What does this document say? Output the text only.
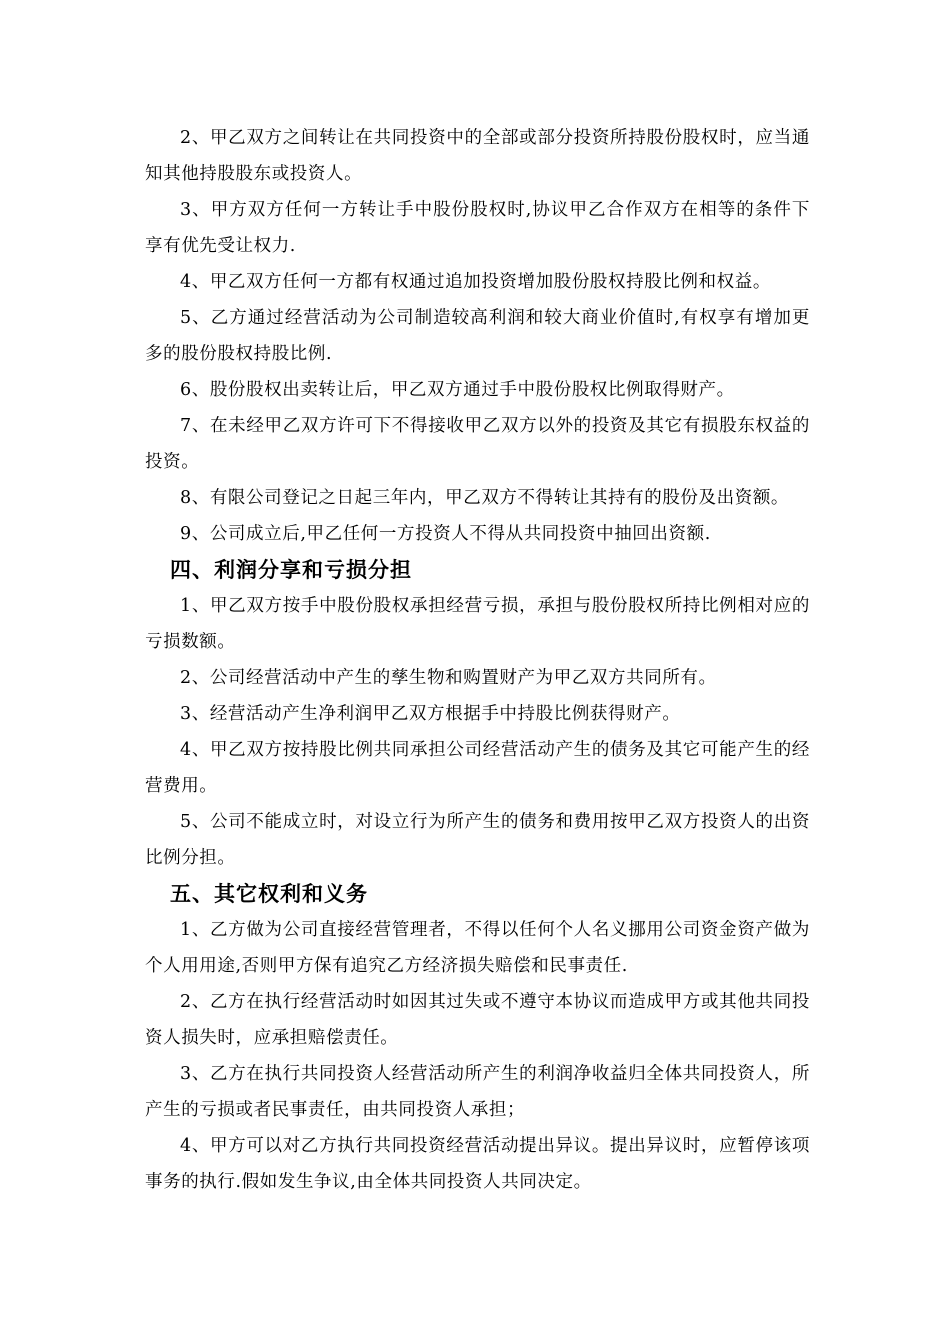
2、甲乙双方之间转让在共同投资中的全部或部分投资所持股份股权时，应当通知其他持股股东或投资人。

3、甲方双方任何一方转让手中股份股权时,协议甲乙合作双方在相等的条件下享有优先受让权力.

4、甲乙双方任何一方都有权通过追加投资增加股份股权持股比例和权益。

5、乙方通过经营活动为公司制造较高利润和较大商业价值时,有权享有增加更多的股份股权持股比例.

6、股份股权出卖转让后，甲乙双方通过手中股份股权比例取得财产。

7、在未经甲乙双方许可下不得接收甲乙双方以外的投资及其它有损股东权益的投资。

8、有限公司登记之日起三年内，甲乙双方不得转让其持有的股份及出资额。

9、公司成立后,甲乙任何一方投资人不得从共同投资中抽回出资额.

四、利润分享和亏损分担

1、甲乙双方按手中股份股权承担经营亏损，承担与股份股权所持比例相对应的亏损数额。

2、公司经营活动中产生的孳生物和购置财产为甲乙双方共同所有。

3、经营活动产生净利润甲乙双方根据手中持股比例获得财产。

4、甲乙双方按持股比例共同承担公司经营活动产生的债务及其它可能产生的经营费用。

5、公司不能成立时，对设立行为所产生的债务和费用按甲乙双方投资人的出资比例分担。

五、其它权利和义务

1、乙方做为公司直接经营管理者，不得以任何个人名义挪用公司资金资产做为个人用用途,否则甲方保有追究乙方经济损失赔偿和民事责任.

2、乙方在执行经营活动时如因其过失或不遵守本协议而造成甲方或其他共同投资人损失时，应承担赔偿责任。

3、乙方在执行共同投资人经营活动所产生的利润净收益归全体共同投资人，所产生的亏损或者民事责任，由共同投资人承担；

4、甲方可以对乙方执行共同投资经营活动提出异议。提出异议时，应暂停该项事务的执行.假如发生争议,由全体共同投资人共同决定。
